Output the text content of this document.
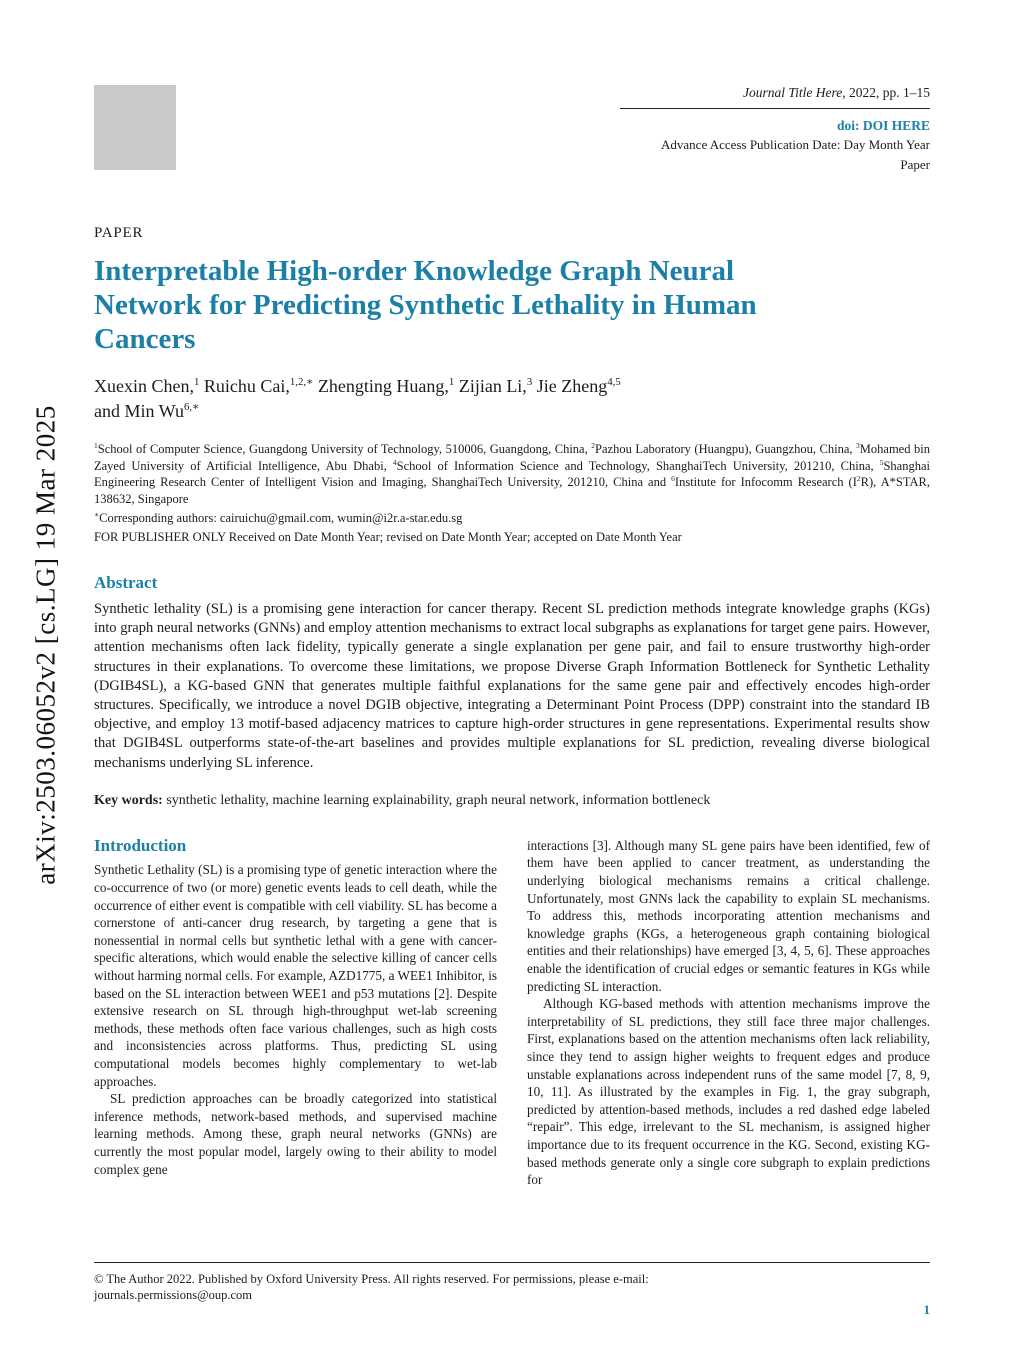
arXiv:2503.06052v2 [cs.LG] 19 Mar 2025
Journal Title Here, 2022, pp. 1–15
doi: DOI HERE
Advance Access Publication Date: Day Month Year
Paper
PAPER
Interpretable High-order Knowledge Graph Neural
Network for Predicting Synthetic Lethality in Human
Cancers
Xuexin Chen,$^1$ Ruichu Cai,$^{1,2,∗}$ Zhengting Huang,$^1$ Zijian Li,$^3$ Jie Zheng$^{4,5}$
and Min $Wu^{6,∗}$
$^1$School of Computer Science, Guangdong University of Technology, 510006, Guangdong, China, $^2$Pazhou Laboratory (Huangpu), Guangzhou, China, $^3$Mohamed bin Zayed University of Artificial Intelligence, Abu Dhabi, $^4$School of Information Science and Technology, ShanghaiTech University, 201210, China, $^5$Shanghai Engineering Research Center of Intelligent Vision and Imaging, ShanghaiTech University, 201210, China and $^6$Institute for Infocomm Research $(I^2R)$, A*STAR, 138632, Singapore
∗Corresponding authors: cairuichu@gmail.com, wumin@i2r.a-star.edu.sg
FOR PUBLISHER ONLY Received on Date Month Year; revised on Date Month Year; accepted on Date Month Year
Abstract
Synthetic lethality (SL) is a promising gene interaction for cancer therapy. Recent SL prediction methods integrate knowledge graphs (KGs) into graph neural networks (GNNs) and employ attention mechanisms to extract local subgraphs as explanations for target gene pairs. However, attention mechanisms often lack fidelity, typically generate a single explanation per gene pair, and fail to ensure trustworthy high-order structures in their explanations. To overcome these limitations, we propose Diverse Graph Information Bottleneck for Synthetic Lethality (DGIB4SL), a KG-based GNN that generates multiple faithful explanations for the same gene pair and effectively encodes high-order structures. Specifically, we introduce a novel DGIB objective, integrating a Determinant Point Process (DPP) constraint into the standard IB objective, and employ 13 motif-based adjacency matrices to capture high-order structures in gene representations. Experimental results show that DGIB4SL outperforms state-of-the-art baselines and provides multiple explanations for SL prediction, revealing diverse biological mechanisms underlying SL inference.
Key words: synthetic lethality, machine learning explainability, graph neural network, information bottleneck
Introduction

Synthetic Lethality (SL) is a promising type of genetic interaction where the co-occurrence of two (or more) genetic events leads to cell death, while the occurrence of either event is compatible with cell viability. SL has become a cornerstone of anti-cancer drug research, by targeting a gene that is nonessential in normal cells but synthetic lethal with a gene with cancer-specific alterations, which would enable the selective killing of cancer cells without harming normal cells. For example, AZD1775, a WEE1 Inhibitor, is based on the SL interaction between WEE1 and p53 mutations [2]. Despite extensive research on SL through high-throughput wet-lab screening methods, these methods often face various challenges, such as high costs and inconsistencies across platforms. Thus, predicting SL using computational models becomes highly complementary to wet-lab approaches.

SL prediction approaches can be broadly categorized into statistical inference methods, network-based methods, and supervised machine learning methods. Among these, graph neural networks (GNNs) are currently the most popular model, largely owing to their ability to model complex gene

interactions [3]. Although many SL gene pairs have been identified, few of them have been applied to cancer treatment, as understanding the underlying biological mechanisms remains a critical challenge. Unfortunately, most GNNs lack the capability to explain SL mechanisms. To address this, methods incorporating attention mechanisms and knowledge graphs (KGs, a heterogeneous graph containing biological entities and their relationships) have emerged [3, 4, 5, 6]. These approaches enable the identification of crucial edges or semantic features in KGs while predicting SL interaction.

Although KG-based methods with attention mechanisms improve the interpretability of SL predictions, they still face three major challenges. First, explanations based on the attention mechanisms often lack reliability, since they tend to assign higher weights to frequent edges and produce unstable explanations across independent runs of the same model [7, 8, 9, 10, 11]. As illustrated by the examples in Fig. 1, the gray subgraph, predicted by attention-based methods, includes a red dashed edge labeled “repair”. This edge, irrelevant to the SL mechanism, is assigned higher importance due to its frequent occurrence in the KG. Second, existing KG-based methods generate only a single core subgraph to explain predictions for

© The Author 2022. Published by Oxford University Press. All rights reserved. For permissions, please e-mail:
journals.permissions@oup.com
1
